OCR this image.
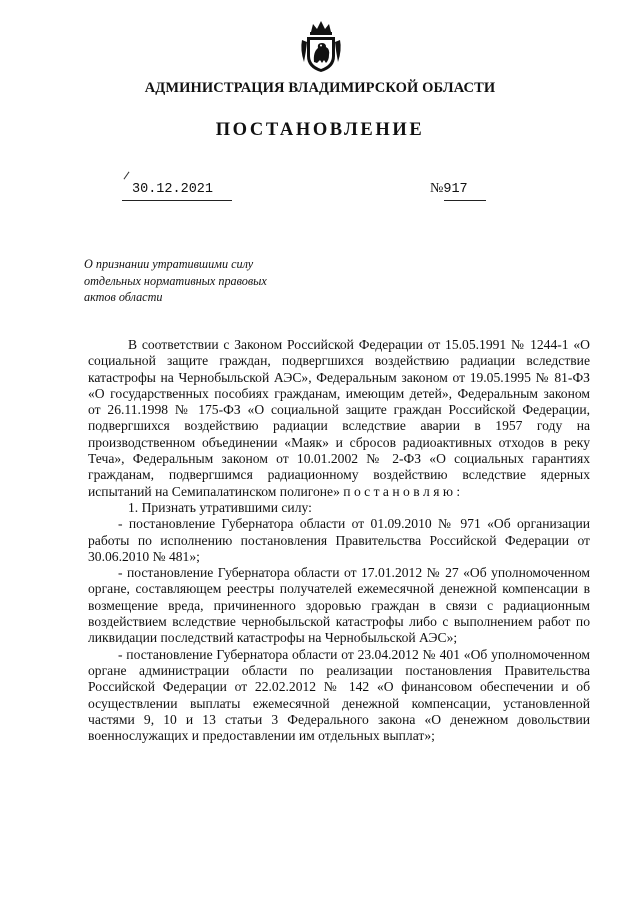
АДМИНИСТРАЦИЯ ВЛАДИМИРСКОЙ ОБЛАСТИ
ПОСТАНОВЛЕНИЕ
30.12.2021	№917
О признании утратившими силу
отдельных нормативных правовых
актов области

В соответствии с Законом Российской Федерации от 15.05.1991 № 1244-1 «О социальной защите граждан, подвергшихся воздействию радиации вследствие катастрофы на Чернобыльской АЭС», Федеральным законом от 19.05.1995 № 81-ФЗ «О государственных пособиях гражданам, имеющим детей», Федеральным законом от 26.11.1998 № 175-ФЗ «О социальной защите граждан Российской Федерации, подвергшихся воздействию радиации вследствие аварии в 1957 году на производственном объединении «Маяк» и сбросов радиоактивных отходов в реку Теча», Федеральным законом от 10.01.2002 № 2-ФЗ «О социальных гарантиях гражданам, подвергшимся радиационному воздействию вследствие ядерных испытаний на Семипалатинском полигоне» п о с т а н о в л я ю :

1. Признать утратившими силу:

- постановление Губернатора области от 01.09.2010 № 971 «Об организации работы по исполнению постановления Правительства Российской Федерации от 30.06.2010 № 481»;

- постановление Губернатора области от 17.01.2012 № 27 «Об уполномоченном органе, составляющем реестры получателей ежемесячной денежной компенсации в возмещение вреда, причиненного здоровью граждан в связи с радиационным воздействием вследствие чернобыльской катастрофы либо с выполнением работ по ликвидации последствий катастрофы на Чернобыльской АЭС»;

- постановление Губернатора области от 23.04.2012 № 401 «Об уполномоченном органе администрации области по реализации постановления Правительства Российской Федерации от 22.02.2012 № 142 «О финансовом обеспечении и об осуществлении выплаты ежемесячной денежной компенсации, установленной частями 9, 10 и 13 статьи 3 Федерального закона «О денежном довольствии военнослужащих и предоставлении им отдельных выплат»;
